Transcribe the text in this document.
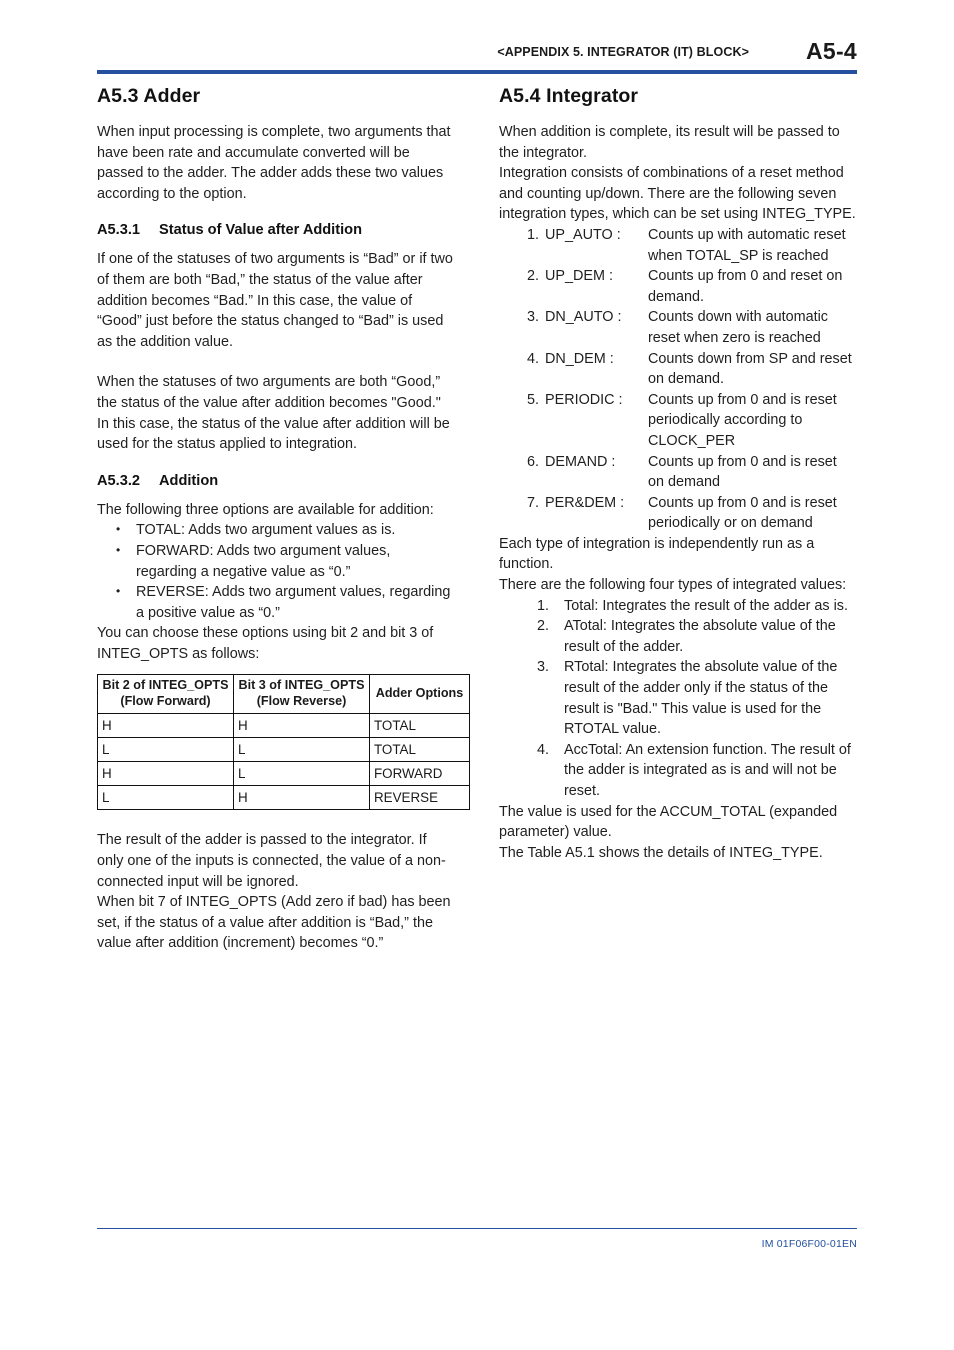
<APPENDIX 5. INTEGRATOR (IT) BLOCK> A5-4
A5.3 Adder

When input processing is complete, two arguments that have been rate and accumulate converted will be passed to the adder. The adder adds these two values according to the option.

A5.3.1 Status of Value after Addition

If one of the statuses of two arguments is “Bad” or if two of them are both “Bad,” the status of the value after addition becomes “Bad.” In this case, the value of “Good” just before the status changed to “Bad” is used as the addition value.

When the statuses of two arguments are both “Good,” the status of the value after addition becomes "Good." In this case, the status of the value after addition will be used for the status applied to integration.

A5.3.2 Addition

The following three options are available for addition:

• TOTAL: Adds two argument values as is.
• FORWARD: Adds two argument values, regarding a negative value as “0.”
• REVERSE: Adds two argument values, regarding a positive value as “0.”

You can choose these options using bit 2 and bit 3 of INTEG_OPTS as follows:

Bit 2 of INTEG_OPTS
(Flow Forward)	Bit 3 of INTEG_OPTS
(Flow Reverse)	Adder Options
H	H	TOTAL
L	L	TOTAL
H	L	FORWARD
L	H	REVERSE

The result of the adder is passed to the integrator. If only one of the inputs is connected, the value of a non-connected input will be ignored.

When bit 7 of INTEG_OPTS (Add zero if bad) has been set, if the status of a value after addition is “Bad,” the value after addition (increment) becomes “0.”

A5.4 Integrator

When addition is complete, its result will be passed to the integrator.

Integration consists of combinations of a reset method and counting up/down. There are the following seven integration types, which can be set using INTEG_TYPE.

1. UP_AUTO : Counts up with automatic reset when TOTAL_SP is reached
2. UP_DEM : Counts up from 0 and reset on demand.
3. DN_AUTO : Counts down with automatic reset when zero is reached
4. DN_DEM : Counts down from SP and reset on demand.
5. PERIODIC : Counts up from 0 and is reset periodically according to CLOCK_PER
6. DEMAND : Counts up from 0 and is reset on demand
7. PER&DEM : Counts up from 0 and is reset periodically or on demand

Each type of integration is independently run as a function.

There are the following four types of integrated values:

1. Total: Integrates the result of the adder as is.
2. ATotal: Integrates the absolute value of the result of the adder.
3. RTotal: Integrates the absolute value of the result of the adder only if the status of the result is "Bad." This value is used for the RTOTAL value.
4. AccTotal: An extension function. The result of the adder is integrated as is and will not be reset.

The value is used for the ACCUM_TOTAL (expanded parameter) value.

The Table A5.1 shows the details of INTEG_TYPE.

IM 01F06F00-01EN
